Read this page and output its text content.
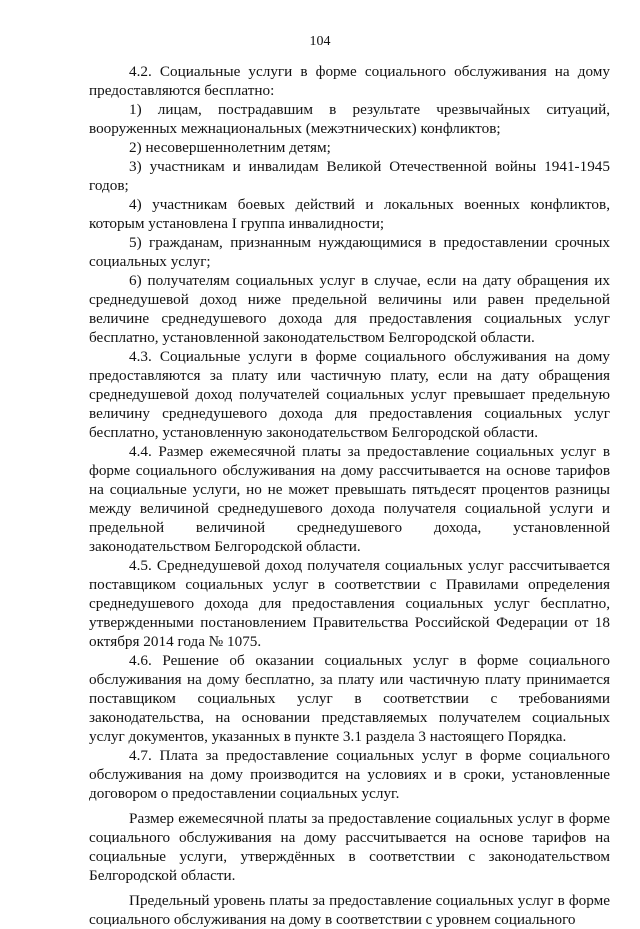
104

4.2. Социальные услуги в форме социального обслуживания на дому предоставляются бесплатно:

1) лицам, пострадавшим в результате чрезвычайных ситуаций, вооруженных межнациональных (межэтнических) конфликтов;

2) несовершеннолетним детям;

3) участникам и инвалидам Великой Отечественной войны 1941-1945 годов;

4) участникам боевых действий и локальных военных конфликтов, которым установлена I группа инвалидности;

5) гражданам, признанным нуждающимися в предоставлении срочных социальных услуг;

6) получателям социальных услуг в случае, если на дату обращения их среднедушевой доход ниже предельной величины или равен предельной величине среднедушевого дохода для предоставления социальных услуг бесплатно, установленной законодательством Белгородской области.

4.3. Социальные услуги в форме социального обслуживания на дому предоставляются за плату или частичную плату, если на дату обращения среднедушевой доход получателей социальных услуг превышает предельную величину среднедушевого дохода для предоставления социальных услуг бесплатно, установленную законодательством Белгородской области.

4.4. Размер ежемесячной платы за предоставление социальных услуг в форме социального обслуживания на дому рассчитывается на основе тарифов на социальные услуги, но не может превышать пятьдесят процентов разницы между величиной среднедушевого дохода получателя социальной услуги и предельной величиной среднедушевого дохода, установленной законодательством Белгородской области.

4.5. Среднедушевой доход получателя социальных услуг рассчитывается поставщиком социальных услуг в соответствии с Правилами определения среднедушевого дохода для предоставления социальных услуг бесплатно, утвержденными постановлением Правительства Российской Федерации от 18 октября 2014 года № 1075.

4.6. Решение об оказании социальных услуг в форме социального обслуживания на дому бесплатно, за плату или частичную плату принимается поставщиком социальных услуг в соответствии с требованиями законодательства, на основании представляемых получателем социальных услуг документов, указанных в пункте 3.1 раздела 3 настоящего Порядка.

4.7. Плата за предоставление социальных услуг в форме социального обслуживания на дому производится на условиях и в сроки, установленные договором о предоставлении социальных услуг.

Размер ежемесячной платы за предоставление социальных услуг в форме социального обслуживания на дому рассчитывается на основе тарифов на социальные услуги, утверждённых в соответствии с законодательством Белгородской области.

Предельный уровень платы за предоставление социальных услуг в форме социального обслуживания на дому в соответствии с уровнем социального
